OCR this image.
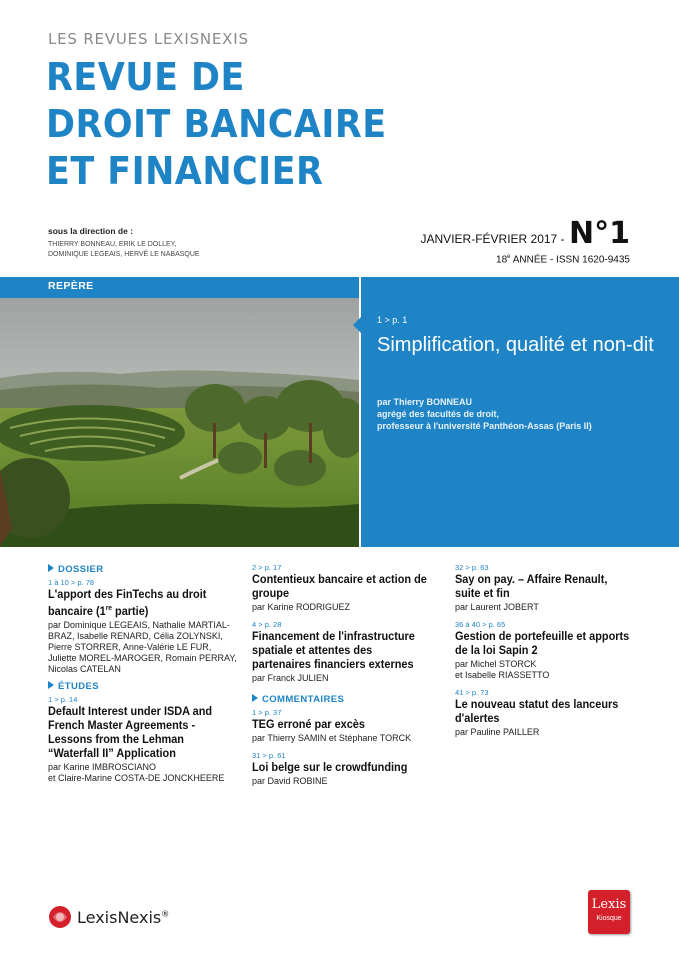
LES REVUES LEXISNEXIS
REVUE DE
DROIT BANCAIRE
ET FINANCIER
sous la direction de :
THIERRY BONNEAU, ERIK LE DOLLEY,
DOMINIQUE LEGEAIS, HERVÉ LE NABASQUE
JANVIER-FÉVRIER 2017 - N°1
18e ANNÉE - ISSN 1620-9435
REPÈRE
1 > p. 1
Simplification, qualité et non-dit
par Thierry BONNEAU
agrégé des facultés de droit,
professeur à l'université Panthéon-Assas (Paris II)
DOSSIER
1 à 10 > p. 78
L'apport des FinTechs au droit bancaire (1re partie)
par Dominique LEGEAIS, Nathalie MARTIAL-BRAZ, Isabelle RENARD, Célia ZOLYNSKI, Pierre STORRER, Anne-Valérie LE FUR, Juliette MOREL-MAROGER, Romain PERRAY, Nicolas CATELAN
ÉTUDES
1 > p. 14
Default Interest under ISDA and French Master Agreements - Lessons from the Lehman “Waterfall II” Application
par Karine IMBROSCIANO
et Claire-Marine COSTA-DE JONCKHEERE
2 > p. 17
Contentieux bancaire et action de groupe
par Karine RODRIGUEZ
4 > p. 28
Financement de l'infrastructure spatiale et attentes des partenaires financiers externes
par Franck JULIEN
COMMENTAIRES
1 > p. 37
TEG erroné par excès
par Thierry SAMIN et Stéphane TORCK
31 > p. 61
Loi belge sur le crowdfunding
par David ROBINE
32 > p. 63
Say on pay. – Affaire Renault, suite et fin
par Laurent JOBERT
36 à 40 > p. 65
Gestion de portefeuille et apports de la loi Sapin 2
par Michel STORCK
et Isabelle RIASSETTO
41 > p. 73
Le nouveau statut des lanceurs d'alertes
par Pauline PAILLER
LexisNexis®
Lexis
Kiosque
